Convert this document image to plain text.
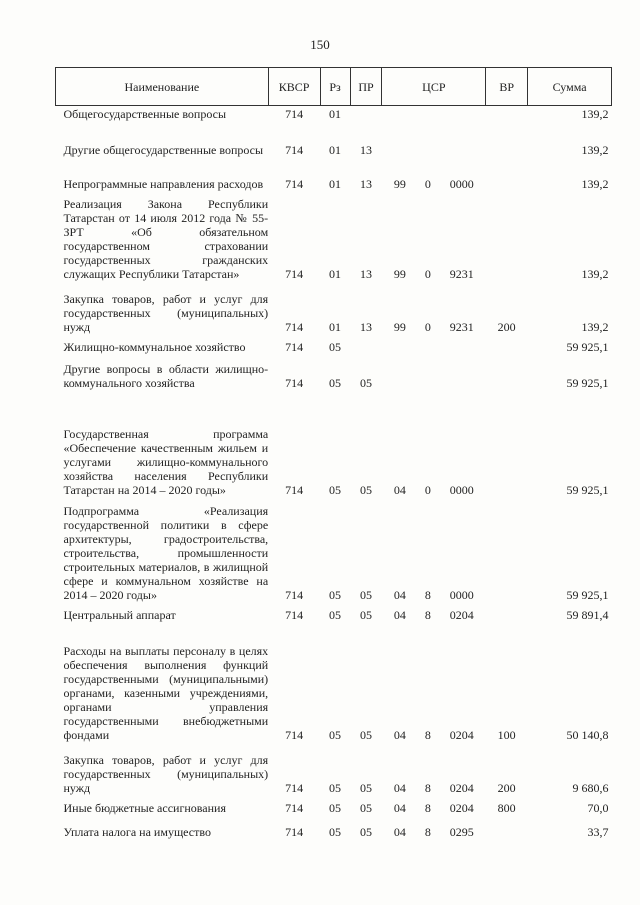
150
Наименование	КВСР	Рз	ПР	ЦСР			ВР	Сумма
Общегосударственные вопросы	714	01						139,2
Другие общегосударственные вопросы	714	01	13					139,2
Непрограммные направления расходов	714	01	13	99	0	0000		139,2
Реализация Закона Республики Татарстан от 14 июля 2012 года № 55-ЗРТ «Об обязательном государственном страховании государственных гражданских служащих Республики Татарстан»	714	01	13	99	0	9231		139,2
Закупка товаров, работ и услуг для государственных (муниципальных) нужд	714	01	13	99	0	9231	200	139,2
Жилищно-коммунальное хозяйство	714	05						59 925,1
Другие вопросы в области жилищно-коммунального хозяйства	714	05	05					59 925,1
Государственная программа «Обеспечение качественным жильем и услугами жилищно-коммунального хозяйства населения Республики Татарстан на 2014 – 2020 годы»	714	05	05	04	0	0000		59 925,1
Подпрограмма «Реализация государственной политики в сфере архитектуры, градостроительства, строительства, промышленности строительных материалов, в жилищной сфере и коммунальном хозяйстве на 2014 – 2020 годы»	714	05	05	04	8	0000		59 925,1
Центральный аппарат	714	05	05	04	8	0204		59 891,4
Расходы на выплаты персоналу в целях обеспечения выполнения функций государственными (муниципальными) органами, казенными учреждениями, органами управления государственными внебюджетными фондами	714	05	05	04	8	0204	100	50 140,8
Закупка товаров, работ и услуг для государственных (муниципальных) нужд	714	05	05	04	8	0204	200	9 680,6
Иные бюджетные ассигнования	714	05	05	04	8	0204	800	70,0
Уплата налога на имущество	714	05	05	04	8	0295		33,7
